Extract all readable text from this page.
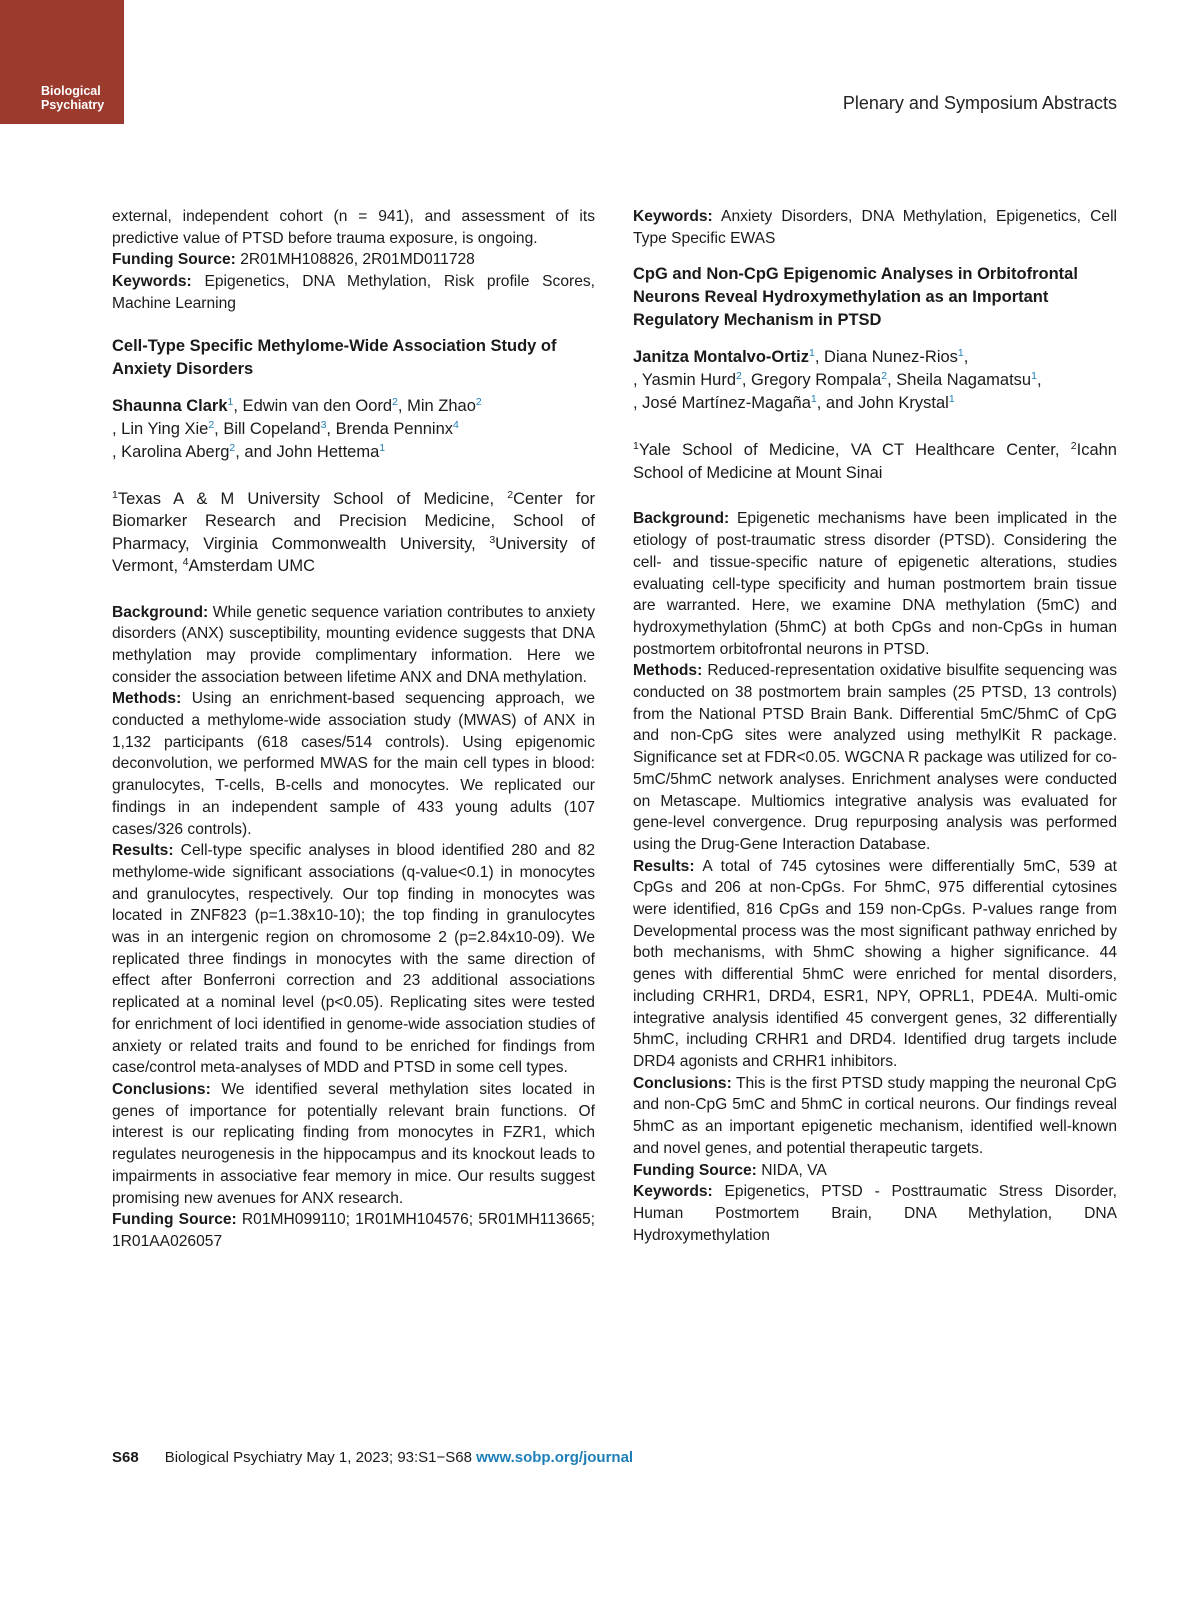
Biological
Psychiatry	Plenary and Symposium Abstracts

external, independent cohort (n = 941), and assessment of its predictive value of PTSD before trauma exposure, is ongoing.

Funding Source: 2R01MH108826, 2R01MD011728

Keywords: Epigenetics, DNA Methylation, Risk profile Scores, Machine Learning

Cell-Type Specific Methylome-Wide Association Study of Anxiety Disorders
Shaunna Clark$^1$, Edwin van den Oord$^2$, Min Zhao$^2$
, Lin Ying Xie$^2$, Bill Copeland$^3$, Brenda Penninx$^4$
, Karolina Aberg$^2$, and John Hettema$^1$

$^1$Texas A & M University School of Medicine, $^2$Center for Biomarker Research and Precision Medicine, School of Pharmacy, Virginia Commonwealth University, $^3$University of Vermont, $^4$Amsterdam UMC

Background: While genetic sequence variation contributes to anxiety disorders (ANX) susceptibility, mounting evidence suggests that DNA methylation may provide complimentary information. Here we consider the association between lifetime ANX and DNA methylation.

Methods: Using an enrichment-based sequencing approach, we conducted a methylome-wide association study (MWAS) of ANX in 1,132 participants (618 cases/514 controls). Using epigenomic deconvolution, we performed MWAS for the main cell types in blood: granulocytes, T-cells, B-cells and monocytes. We replicated our findings in an independent sample of 433 young adults (107 cases/326 controls).

Results: Cell-type specific analyses in blood identified 280 and 82 methylome-wide significant associations (q-value<0.1) in monocytes and granulocytes, respectively. Our top finding in monocytes was located in ZNF823 (p=1.38x10-10); the top finding in granulocytes was in an intergenic region on chromosome 2 (p=2.84x10-09). We replicated three findings in monocytes with the same direction of effect after Bonferroni correction and 23 additional associations replicated at a nominal level (p<0.05). Replicating sites were tested for enrichment of loci identified in genome-wide association studies of anxiety or related traits and found to be enriched for findings from case/control meta-analyses of MDD and PTSD in some cell types.

Conclusions: We identified several methylation sites located in genes of importance for potentially relevant brain functions. Of interest is our replicating finding from monocytes in FZR1, which regulates neurogenesis in the hippocampus and its knockout leads to impairments in associative fear memory in mice. Our results suggest promising new avenues for ANX research.

Funding Source: R01MH099110; 1R01MH104576; 5R01MH113665; 1R01AA026057

Keywords: Anxiety Disorders, DNA Methylation, Epigenetics, Cell Type Specific EWAS

CpG and Non-CpG Epigenomic Analyses in Orbitofrontal Neurons Reveal Hydroxymethylation as an Important Regulatory Mechanism in PTSD
Janitza Montalvo-Ortiz$^1$, Diana Nunez-Rios$^1$,
, Yasmin Hurd$^2$, Gregory Rompala$^2$, Sheila Nagamatsu$^1$,
, José Martínez-Magaña$^1$, and John Krystal$^1$

$^1$Yale School of Medicine, VA CT Healthcare Center, $^2$Icahn School of Medicine at Mount Sinai

Background: Epigenetic mechanisms have been implicated in the etiology of post-traumatic stress disorder (PTSD). Considering the cell- and tissue-specific nature of epigenetic alterations, studies evaluating cell-type specificity and human postmortem brain tissue are warranted. Here, we examine DNA methylation (5mC) and hydroxymethylation (5hmC) at both CpGs and non-CpGs in human postmortem orbitofrontal neurons in PTSD.

Methods: Reduced-representation oxidative bisulfite sequencing was conducted on 38 postmortem brain samples (25 PTSD, 13 controls) from the National PTSD Brain Bank. Differential 5mC/5hmC of CpG and non-CpG sites were analyzed using methylKit R package. Significance set at FDR<0.05. WGCNA R package was utilized for co-5mC/5hmC network analyses. Enrichment analyses were conducted on Metascape. Multiomics integrative analysis was evaluated for gene-level convergence. Drug repurposing analysis was performed using the Drug-Gene Interaction Database.

Results: A total of 745 cytosines were differentially 5mC, 539 at CpGs and 206 at non-CpGs. For 5hmC, 975 differential cytosines were identified, 816 CpGs and 159 non-CpGs. P-values range from Developmental process was the most significant pathway enriched by both mechanisms, with 5hmC showing a higher significance. 44 genes with differential 5hmC were enriched for mental disorders, including CRHR1, DRD4, ESR1, NPY, OPRL1, PDE4A. Multi-omic integrative analysis identified 45 convergent genes, 32 differentially 5hmC, including CRHR1 and DRD4. Identified drug targets include DRD4 agonists and CRHR1 inhibitors.

Conclusions: This is the first PTSD study mapping the neuronal CpG and non-CpG 5mC and 5hmC in cortical neurons. Our findings reveal 5hmC as an important epigenetic mechanism, identified well-known and novel genes, and potential therapeutic targets.

Funding Source: NIDA, VA

Keywords: Epigenetics, PTSD - Posttraumatic Stress Disorder, Human Postmortem Brain, DNA Methylation, DNA Hydroxymethylation

S68 Biological Psychiatry May 1, 2023; 93:S1−S68 www.sobp.org/journal
